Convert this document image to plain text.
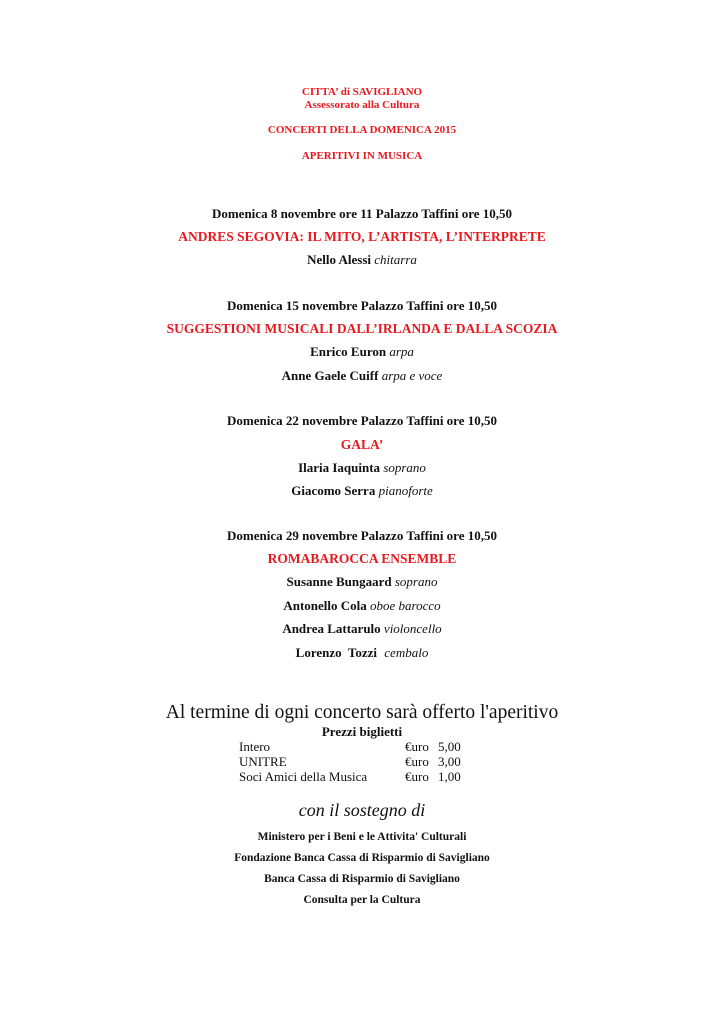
CITTA’ di SAVIGLIANO
Assessorato alla Cultura
CONCERTI DELLA DOMENICA 2015
APERITIVI IN MUSICA
Domenica 8 novembre ore 11 Palazzo Taffini ore 10,50
ANDRES SEGOVIA: IL MITO, L’ARTISTA, L’INTERPRETE
Nello Alessi chitarra
Domenica 15 novembre Palazzo Taffini ore 10,50
SUGGESTIONI MUSICALI DALL’IRLANDA E DALLA SCOZIA
Enrico Euron arpa
Anne Gaele Cuiff arpa e voce
Domenica 22 novembre Palazzo Taffini ore 10,50
GALA’
Ilaria Iaquinta soprano
Giacomo Serra pianoforte
Domenica 29 novembre Palazzo Taffini ore 10,50
ROMABAROCCA ENSEMBLE
Susanne Bungaard soprano
Antonello Cola oboe barocco
Andrea Lattarulo violoncello
Lorenzo  Tozzi cembalo
Al termine di ogni concerto sarà offerto l'aperitivo
Prezzi biglietti
Intero	€uro 5,00
UNITRE	€uro 3,00
Soci Amici della Musica	€uro 1,00
con il sostegno di
Ministero per i Beni e le Attivita' Culturali
Fondazione Banca Cassa di Risparmio di Savigliano
Banca Cassa di Risparmio di Savigliano
Consulta per la Cultura
